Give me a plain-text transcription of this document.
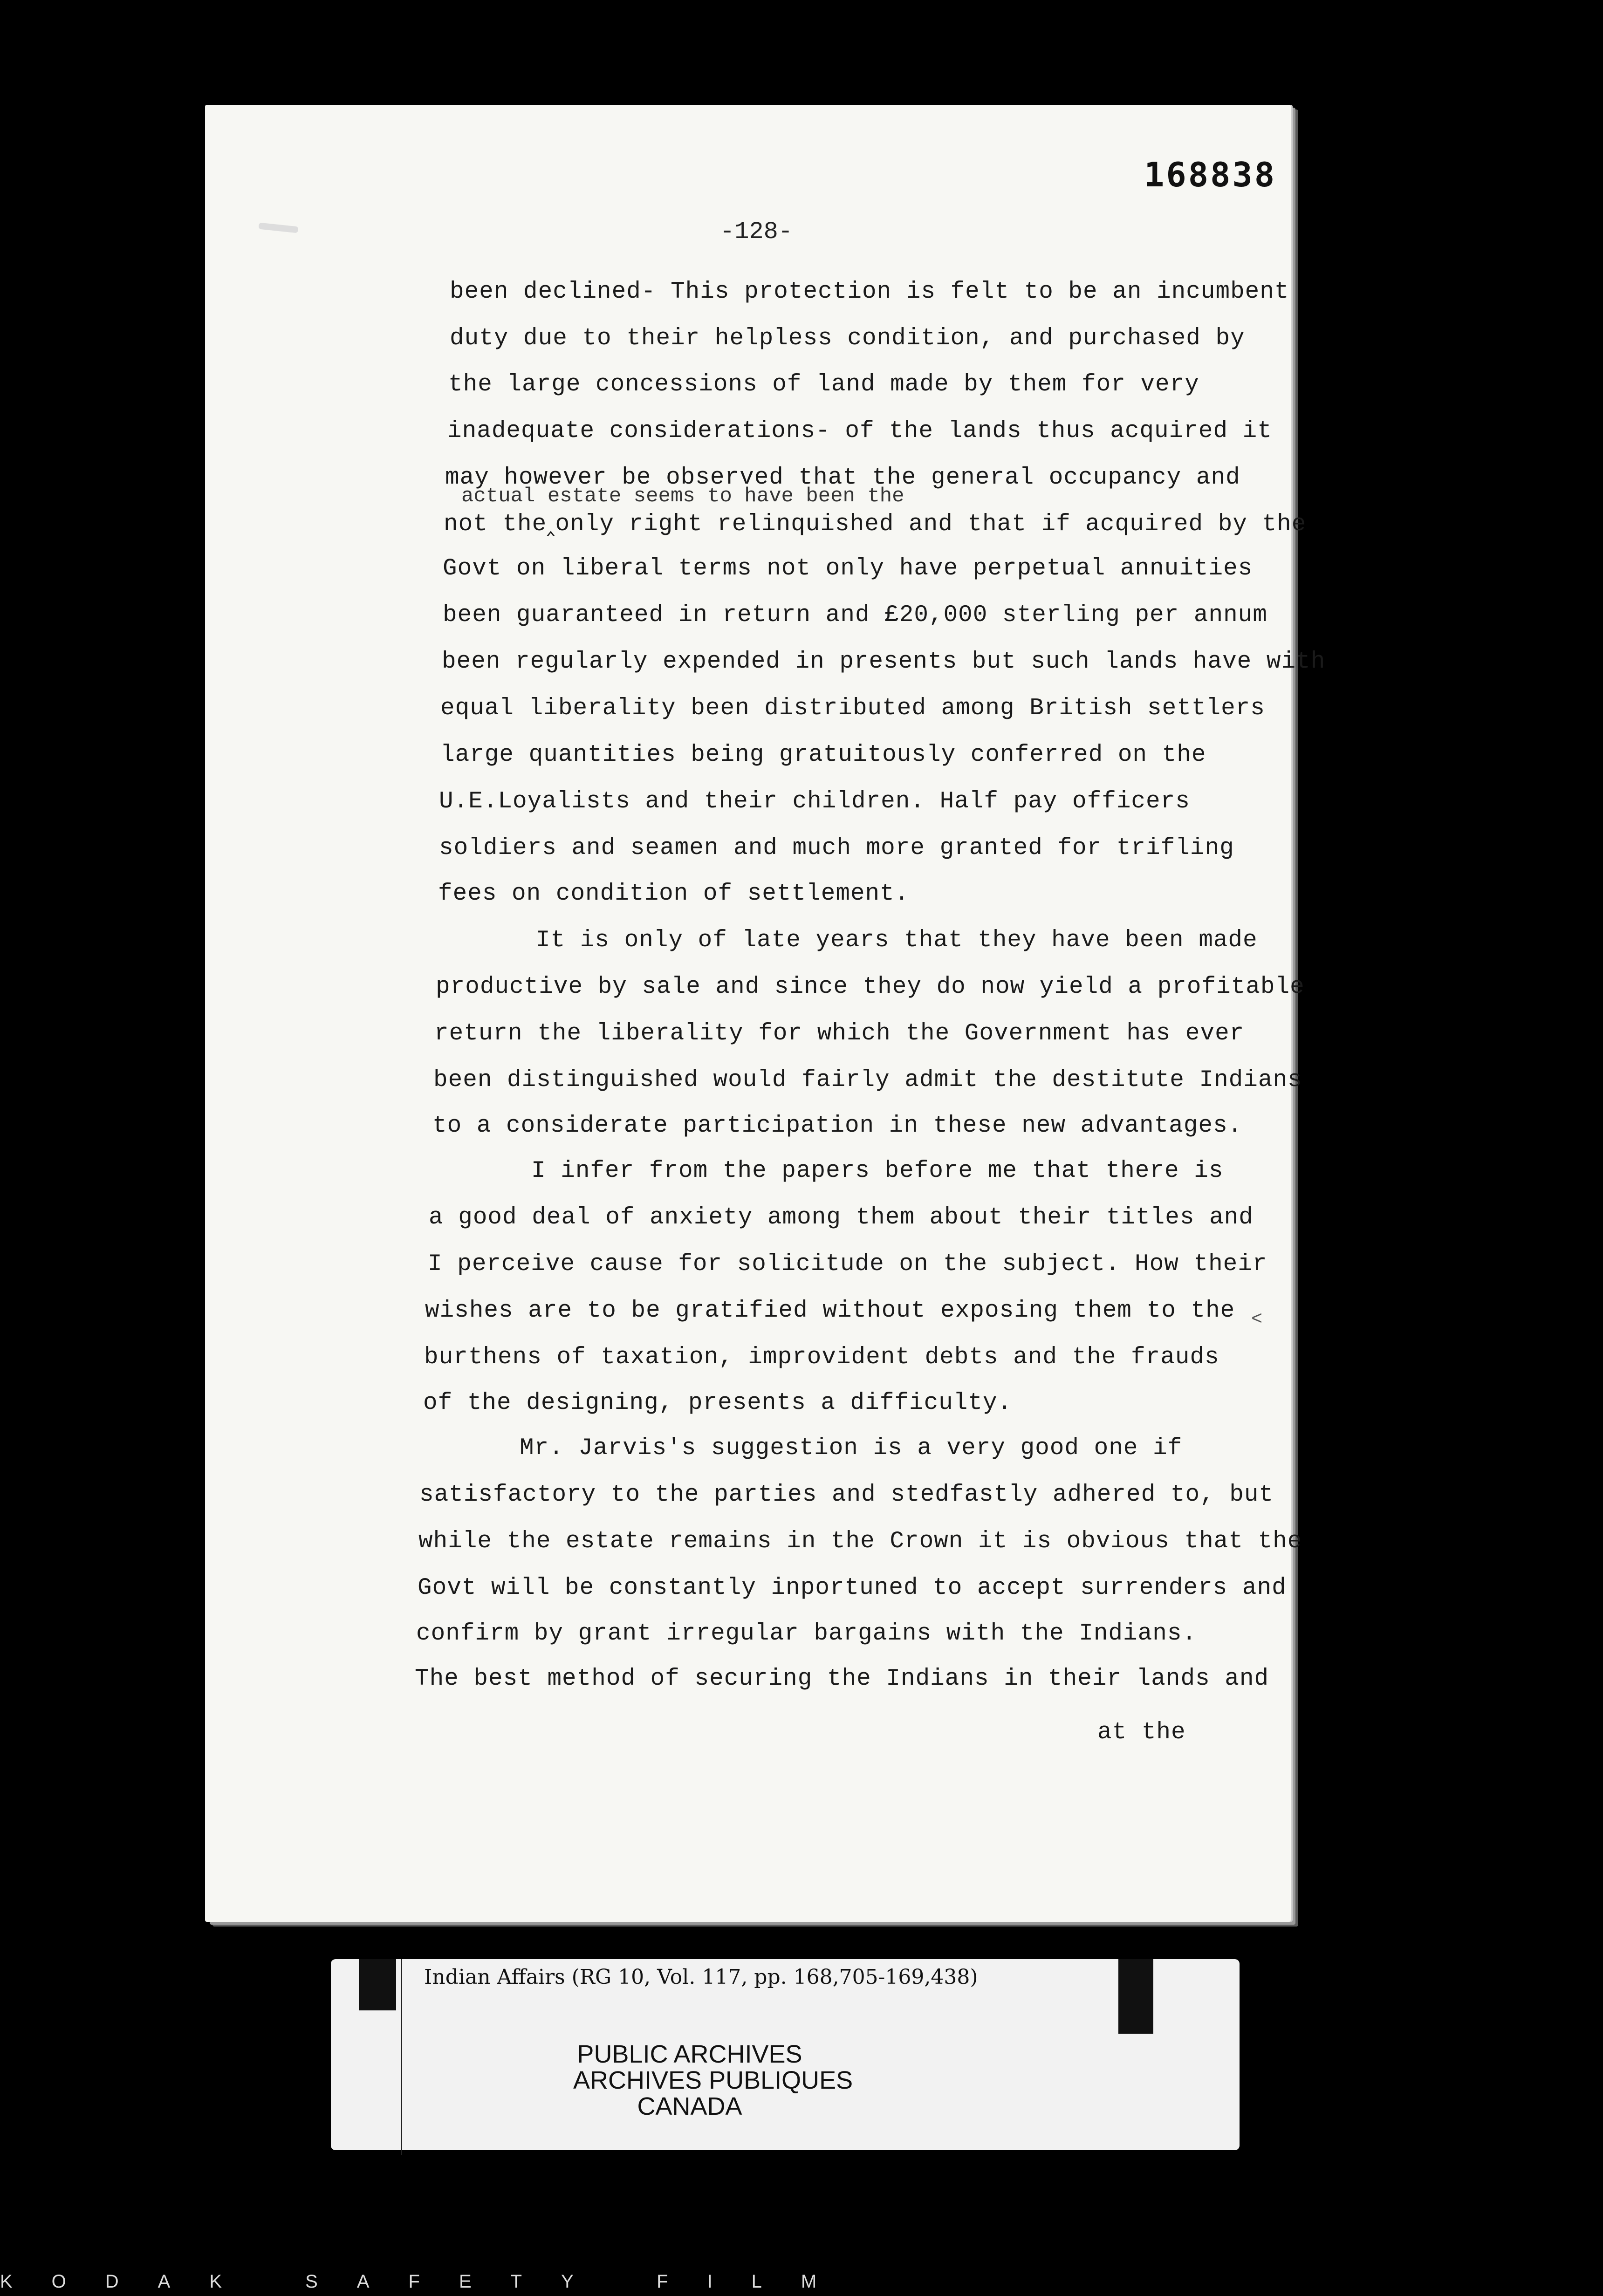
168838
-128-
actual estate seems to have been the
been declined- This protection is felt to be an incumbent
duty due to their helpless condition, and purchased by
the large concessions of land made by them for very
inadequate considerations- of the lands thus acquired it
may however be observed that the general occupancy and
not the‸only right relinquished and that if acquired by the
Govt on liberal terms not only have perpetual annuities
been guaranteed in return and £20,000 sterling per annum
been regularly expended in presents but such lands have with
equal liberality been distributed among British settlers
large quantities being gratuitously conferred on the
U.E.Loyalists and their children. Half pay officers
soldiers and seamen and much more granted for trifling
fees on condition of settlement.
It is only of late years that they have been made
productive by sale and since they do now yield a profitable
return the liberality for which the Government has ever
been distinguished would fairly admit the destitute Indians
to a considerate participation in these new advantages.
I infer from the papers before me that there is
a good deal of anxiety among them about their titles and
I perceive cause for solicitude on the subject. How their
wishes are to be gratified without exposing them to the
burthens of taxation, improvident debts and the frauds
of the designing, presents a difficulty.
Mr. Jarvis's suggestion is a very good one if
satisfactory to the parties and stedfastly adhered to, but
while the estate remains in the Crown it is obvious that the
Govt will be constantly inportuned to accept surrenders and
confirm by grant irregular bargains with the Indians.
The best method of securing the Indians in their lands and
at the
<
Indian Affairs (RG 10, Vol. 117, pp. 168,705-169,438)
PUBLIC ARCHIVES
ARCHIVES PUBLIQUES
CANADA
KODAK SAFETY FILM
